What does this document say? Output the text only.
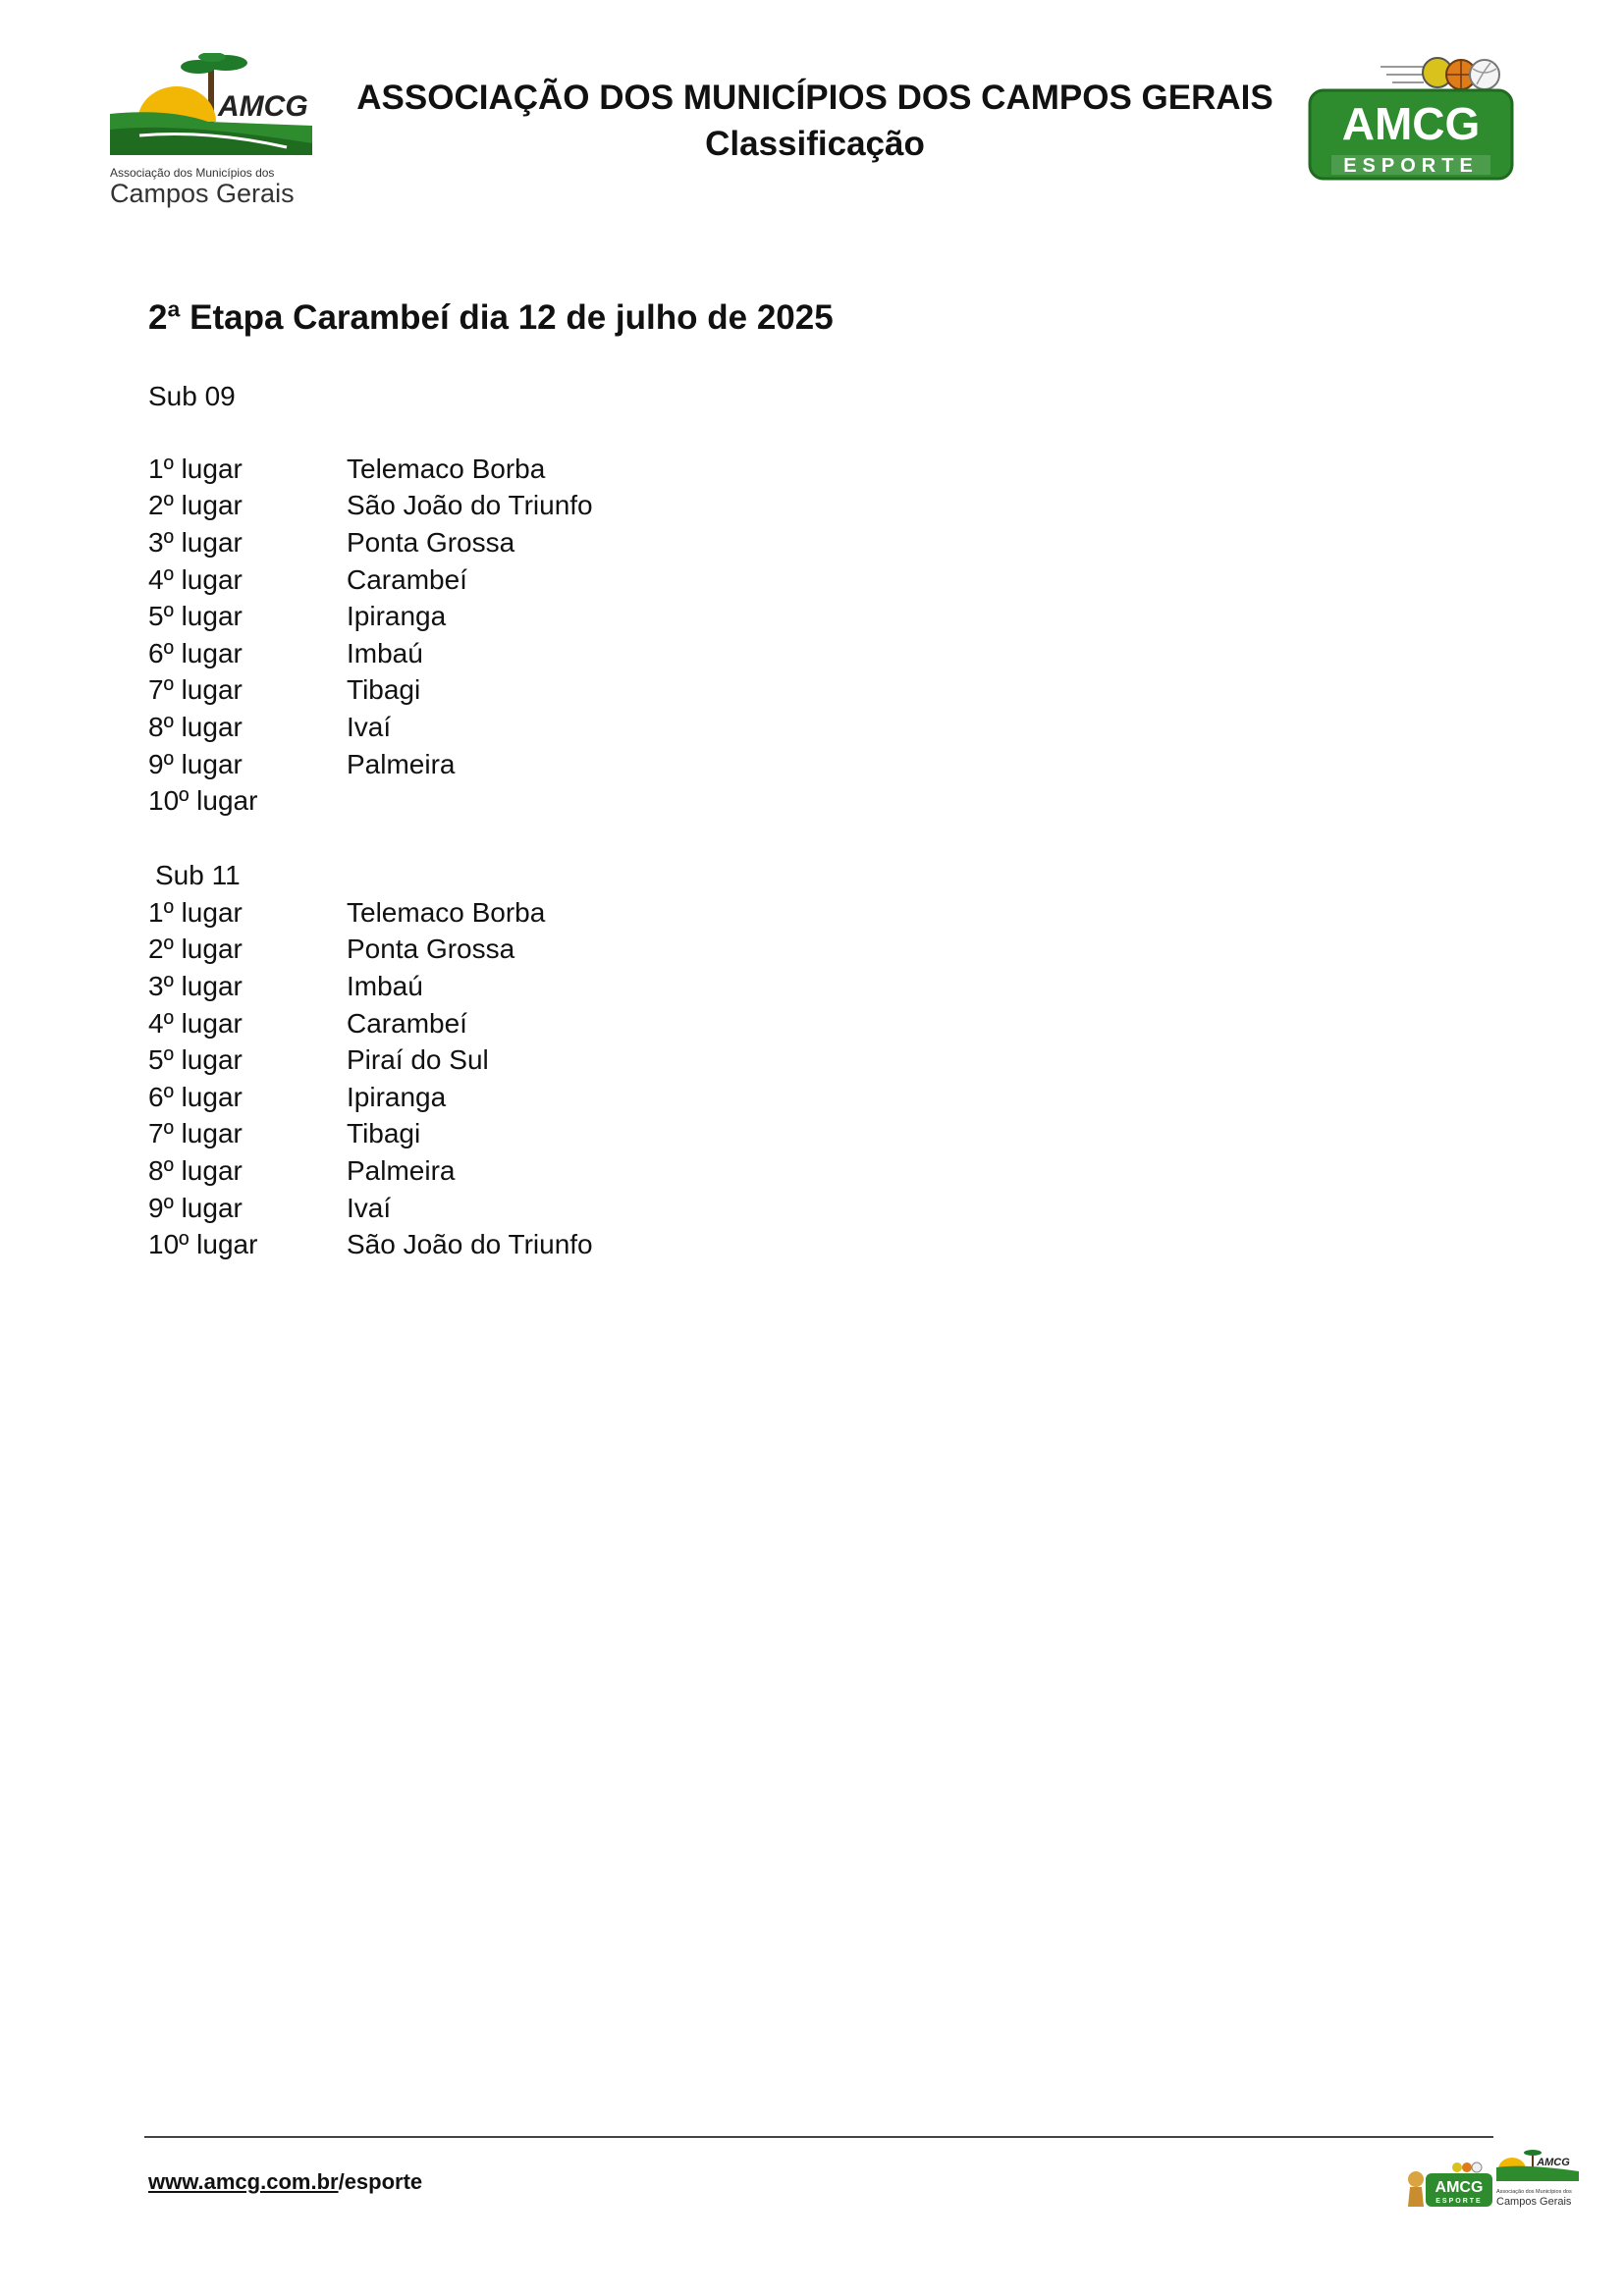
AMCG
Associação dos Municípios dos
Campos Gerais
ASSOCIAÇÃO DOS MUNICÍPIOS DOS CAMPOS GERAIS
Classificação	AMCG
ESPORTE
2ª Etapa Carambeí dia 12 de julho de 2025
Sub 09
1º lugar	Telemaco Borba
2º lugar	São João do Triunfo
3º lugar	Ponta Grossa
4º lugar	Carambeí
5º lugar	Ipiranga
6º lugar	Imbaú
7º lugar	Tibagi
8º lugar	Ivaí
9º lugar	Palmeira
10º lugar
Sub 11
1º lugar	Telemaco Borba
2º lugar	Ponta Grossa
3º lugar	Imbaú
4º lugar	Carambeí
5º lugar	Piraí do Sul
6º lugar	Ipiranga
7º lugar	Tibagi
8º lugar	Palmeira
9º lugar	Ivaí
10º lugar	São João do Triunfo
www.amcg.com.br/esporte	AMCG
ESPORTE
AMCG
Associação dos Municípios dos
Campos Gerais
